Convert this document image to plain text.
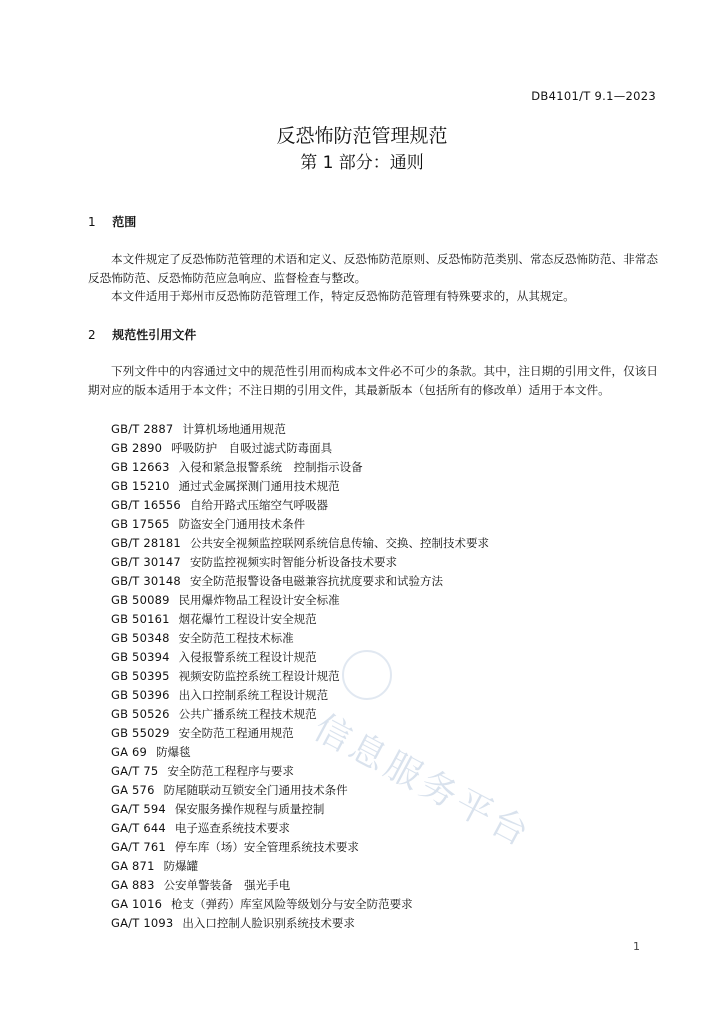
DB4101/T 9.1—2023
反恐怖防范管理规范
第 1 部分：通则
1 范围
本文件规定了反恐怖防范管理的术语和定义、反恐怖防范原则、反恐怖防范类别、常态反恐怖防范、非常态反恐怖防范、反恐怖防范应急响应、监督检查与整改。
本文件适用于郑州市反恐怖防范管理工作，特定反恐怖防范管理有特殊要求的，从其规定。
2 规范性引用文件
下列文件中的内容通过文中的规范性引用而构成本文件必不可少的条款。其中，注日期的引用文件，仅该日期对应的版本适用于本文件；不注日期的引用文件，其最新版本（包括所有的修改单）适用于本文件。
GB/T 2887 计算机场地通用规范
GB 2890 呼吸防护　自吸过滤式防毒面具
GB 12663 入侵和紧急报警系统　控制指示设备
GB 15210 通过式金属探测门通用技术规范
GB/T 16556 自给开路式压缩空气呼吸器
GB 17565 防盗安全门通用技术条件
GB/T 28181 公共安全视频监控联网系统信息传输、交换、控制技术要求
GB/T 30147 安防监控视频实时智能分析设备技术要求
GB/T 30148 安全防范报警设备电磁兼容抗扰度要求和试验方法
GB 50089 民用爆炸物品工程设计安全标准
GB 50161 烟花爆竹工程设计安全规范
GB 50348 安全防范工程技术标准
GB 50394 入侵报警系统工程设计规范
GB 50395 视频安防监控系统工程设计规范
GB 50396 出入口控制系统工程设计规范
GB 50526 公共广播系统工程技术规范
GB 55029 安全防范工程通用规范
GA 69 防爆毯
GA/T 75 安全防范工程程序与要求
GA 576 防尾随联动互锁安全门通用技术条件
GA/T 594 保安服务操作规程与质量控制
GA/T 644 电子巡查系统技术要求
GA/T 761 停车库（场）安全管理系统技术要求
GA 871 防爆罐
GA 883 公安单警装备　强光手电
GA 1016 枪支（弹药）库室风险等级划分与安全防范要求
GA/T 1093 出入口控制人脸识别系统技术要求
信息服务平台
1
